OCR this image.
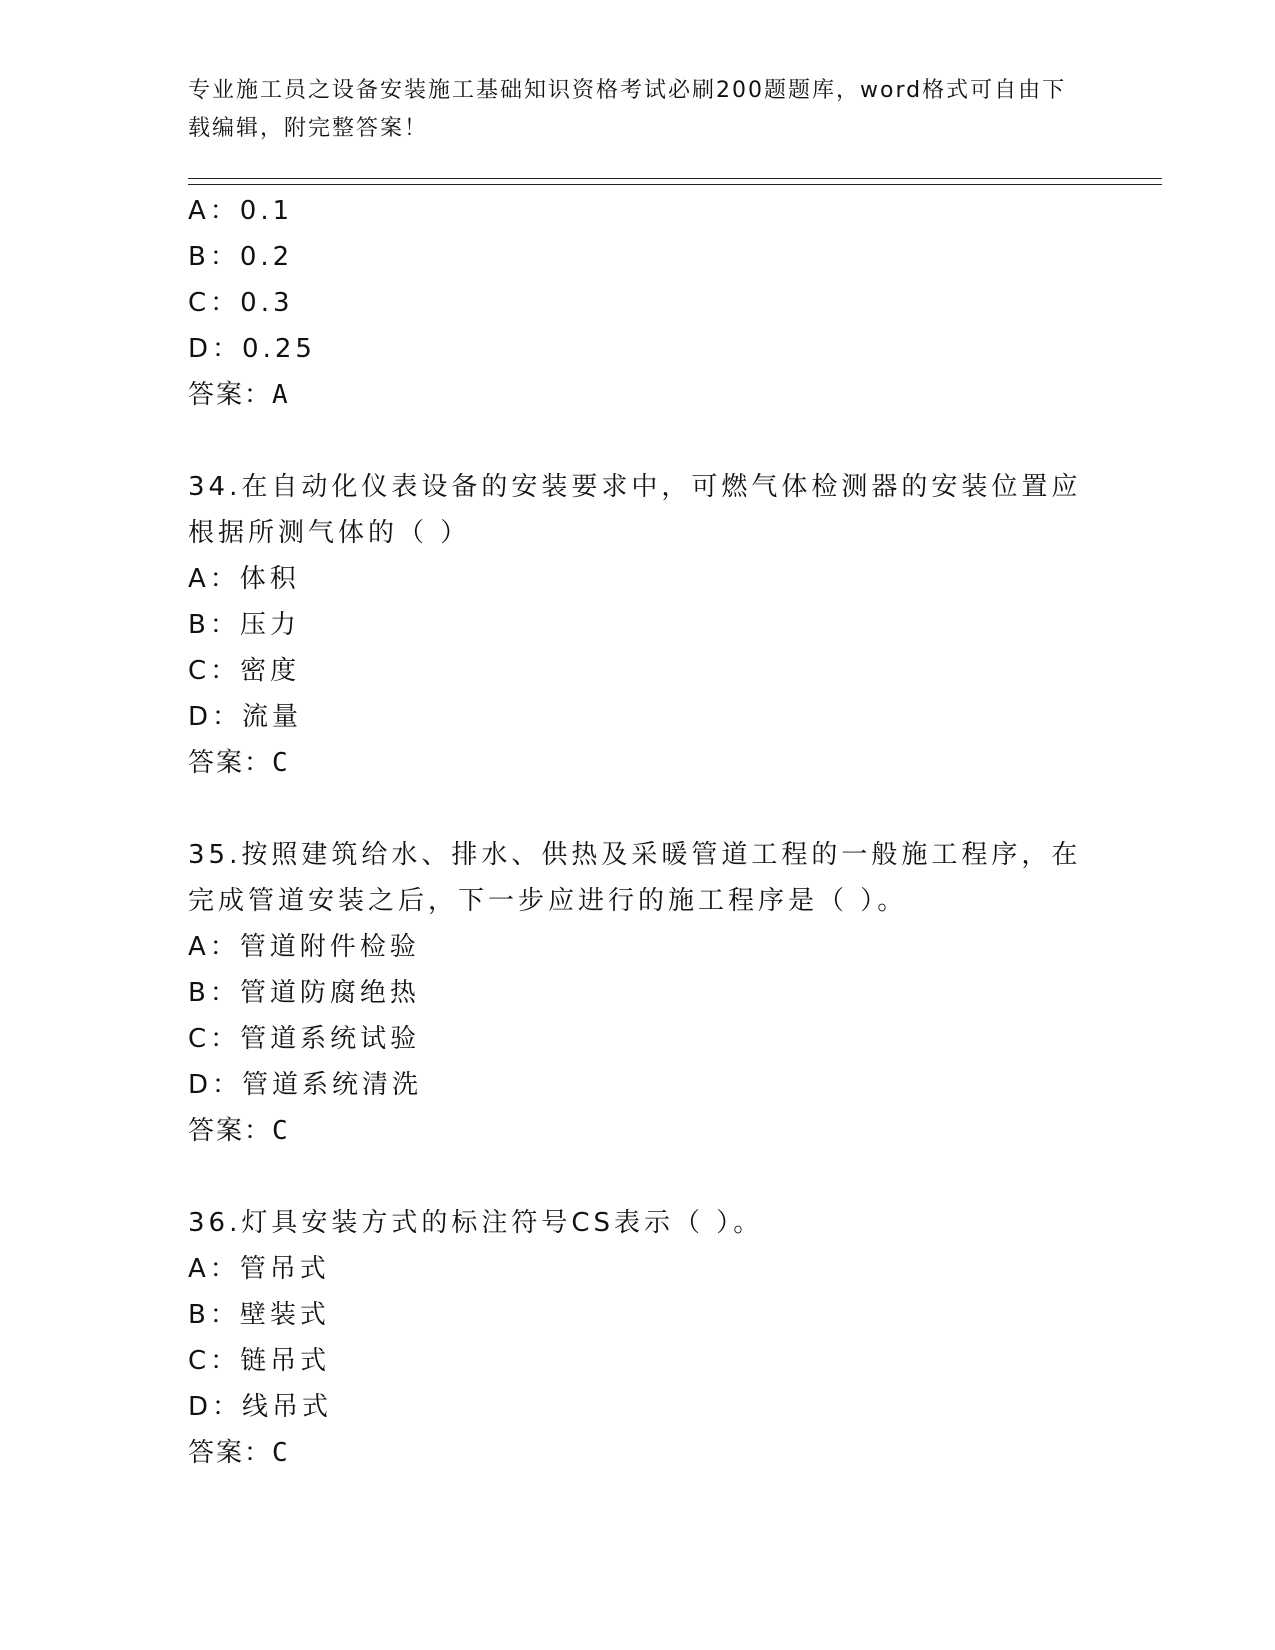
专业施工员之设备安装施工基础知识资格考试必刷200题题库，word格式可自由下载编辑，附完整答案！
A：0.1
B：0.2
C：0.3
D：0.25
答案：A
34.在自动化仪表设备的安装要求中，可燃气体检测器的安装位置应根据所测气体的（ ）
A：体积
B：压力
C：密度
D：流量
答案：C
35.按照建筑给水、排水、供热及采暖管道工程的一般施工程序，在完成管道安装之后，下一步应进行的施工程序是（ ）。
A：管道附件检验
B：管道防腐绝热
C：管道系统试验
D：管道系统清洗
答案：C
36.灯具安装方式的标注符号CS表示（ ）。
A：管吊式
B：壁装式
C：链吊式
D：线吊式
答案：C
